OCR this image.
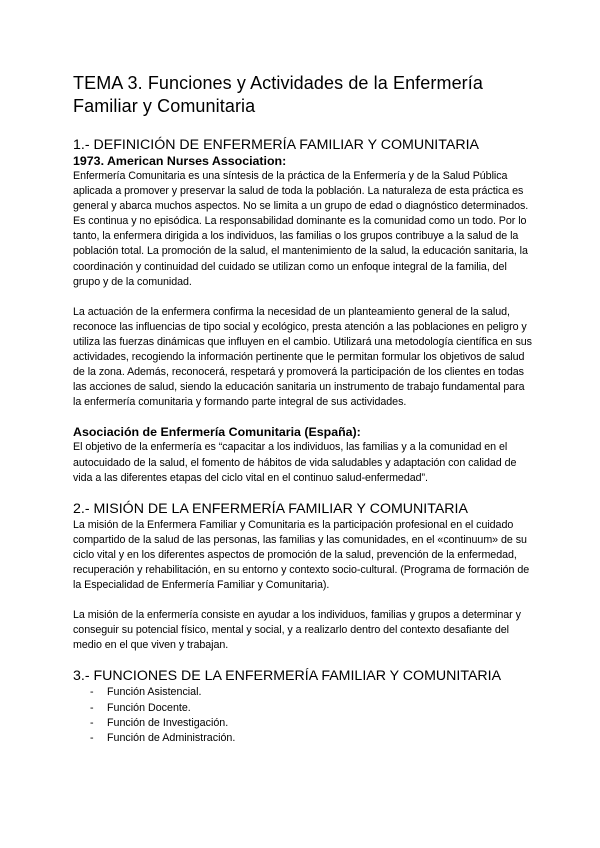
TEMA 3. Funciones y Actividades de la Enfermería Familiar y Comunitaria
1.- DEFINICIÓN DE ENFERMERÍA FAMILIAR Y COMUNITARIA
1973. American Nurses Association:

Enfermería Comunitaria es una síntesis de la práctica de la Enfermería y de la Salud Pública aplicada a promover y preservar la salud de toda la población. La naturaleza de esta práctica es general y abarca muchos aspectos. No se limita a un grupo de edad o diagnóstico determinados. Es continua y no episódica. La responsabilidad dominante es la comunidad como un todo. Por lo tanto, la enfermera dirigida a los individuos, las familias o los grupos contribuye a la salud de la población total. La promoción de la salud, el mantenimiento de la salud, la educación sanitaria, la coordinación y continuidad del cuidado se utilizan como un enfoque integral de la familia, del grupo y de la comunidad.

La actuación de la enfermera confirma la necesidad de un planteamiento general de la salud, reconoce las influencias de tipo social y ecológico, presta atención a las poblaciones en peligro y utiliza las fuerzas dinámicas que influyen en el cambio. Utilizará una metodología científica en sus actividades, recogiendo la información pertinente que le permitan formular los objetivos de salud de la zona. Además, reconocerá, respetará y promoverá la participación de los clientes en todas las acciones de salud, siendo la educación sanitaria un instrumento de trabajo fundamental para la enfermería comunitaria y formando parte integral de sus actividades.

Asociación de Enfermería Comunitaria (España):

El objetivo de la enfermería es “capacitar a los individuos, las familias y a la comunidad en el autocuidado de la salud, el fomento de hábitos de vida saludables y adaptación con calidad de vida a las diferentes etapas del ciclo vital en el continuo salud-enfermedad”.

2.- MISIÓN DE LA ENFERMERÍA FAMILIAR Y COMUNITARIA

La misión de la Enfermera Familiar y Comunitaria es la participación profesional en el cuidado compartido de la salud de las personas, las familias y las comunidades, en el «continuum» de su ciclo vital y en los diferentes aspectos de promoción de la salud, prevención de la enfermedad, recuperación y rehabilitación, en su entorno y contexto socio-cultural. (Programa de formación de la Especialidad de Enfermería Familiar y Comunitaria).

La misión de la enfermería consiste en ayudar a los individuos, familias y grupos a determinar y conseguir su potencial físico, mental y social, y a realizarlo dentro del contexto desafiante del medio en el que viven y trabajan.

3.- FUNCIONES DE LA ENFERMERÍA FAMILIAR Y COMUNITARIA
- Función Asistencial.
- Función Docente.
- Función de Investigación.
- Función de Administración.
